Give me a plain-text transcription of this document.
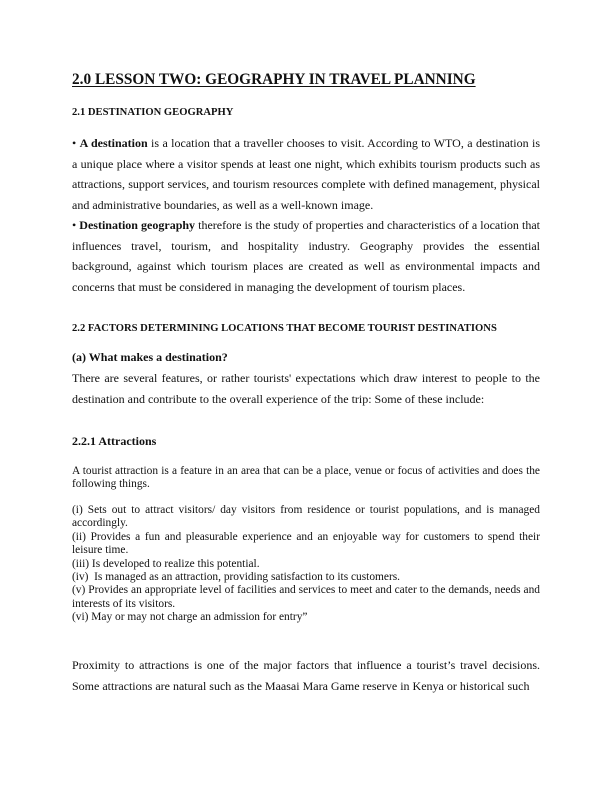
2.0 LESSON TWO: GEOGRAPHY IN TRAVEL PLANNING
2.1 DESTINATION GEOGRAPHY

• A destination is a location that a traveller chooses to visit. According to WTO, a destination is a unique place where a visitor spends at least one night, which exhibits tourism products such as attractions, support services, and tourism resources complete with defined management, physical and administrative boundaries, as well as a well-known image.

• Destination geography therefore is the study of properties and characteristics of a location that influences travel, tourism, and hospitality industry. Geography provides the essential background, against which tourism places are created as well as environmental impacts and concerns that must be considered in managing the development of tourism places.

2.2 FACTORS DETERMINING LOCATIONS THAT BECOME TOURIST DESTINATIONS
(a) What makes a destination?

There are several features, or rather tourists' expectations which draw interest to people to the destination and contribute to the overall experience of the trip: Some of these include:

2.2.1 Attractions

A tourist attraction is a feature in an area that can be a place, venue or focus of activities and does the following things.

(i) Sets out to attract visitors/ day visitors from residence or tourist populations, and is managed accordingly.
(ii) Provides a fun and pleasurable experience and an enjoyable way for customers to spend their leisure time.
(iii) Is developed to realize this potential.
(iv)  Is managed as an attraction, providing satisfaction to its customers.
(v) Provides an appropriate level of facilities and services to meet and cater to the demands, needs and interests of its visitors.
(vi) May or may not charge an admission for entry”

Proximity to attractions is one of the major factors that influence a tourist’s travel decisions. Some attractions are natural such as the Maasai Mara Game reserve in Kenya or historical such
